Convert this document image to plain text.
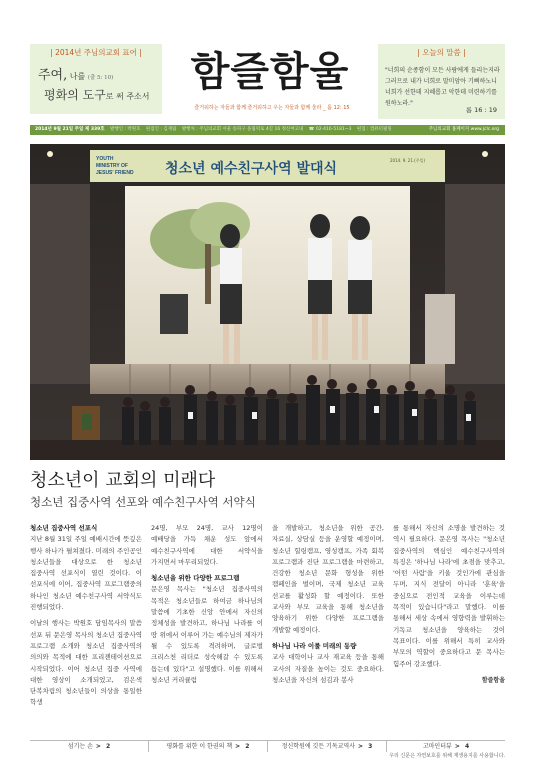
| 2014년 주님의교회 표어 |
주여, 나를 (출 5: 10)
평화의 도구로 써 주소서
함즐함울
즐거워하는 자들과 함께 즐거워하고 우는 자들과 함께 울라 _ 롬 12: 15
| 오늘의 말씀 |
"너희의 순종함이 모든 사람에게 들리는지라 그러므로 내가 너희로 말미암아 기뻐하노니 너희가 선한데 지혜롭고 악한데 미련하기를 원하노라."
롬 16 : 19
2014년 9월 21일 주일 제 339호 발행인 : 박원호 편집인 : 김재림 발행처 : 주님의교회 서울 송파구 올림픽로 4길 16 정신여고내 ☎ 02-416-5181~3 편집 : 컴퓨터필링	주님의교회 홈페이지 www.jclc.org
YOUTH
MINISTRY OF
JESUS' FRIEND 청소년 예수친구사역 발대식
2014. 9. 21.(주일)
청소년이 교회의 미래다
청소년 집중사역 선포와 예수친구사역 서약식
청소년 집중사역 선포식

지난 8월 31일 주일 예배시간에 뜻깊은 행사 하나가 펼쳐졌다. 미래의 주인공인 청소년들을 대상으로 한 청소년 집중사역 선포식이 열린 것이다. 이 선포식에 이어, 집중사역 프로그램중의 하나인 청소년 예수친구사역 서약식도 진행되었다.

이날의 행사는 박원호 담임목사의 말씀 선포 뒤 문은영 목사의 청소년 집중사역 프로그램 소개와 청소년 집중사역의 의의와 목적에 대한 프리젠테이션으로 시작되었다. 이어 청소년 집중 사역에 대한 영상이 소개되었고, 검은색 단복차림의 청소년들이 의상을 통일한 학생

24명, 부모 24명, 교사 12명이 예배당을 가득 채운 성도 앞에서 예수친구사역에 대한 서약식을 가지면서 마무리되었다.

청소년을 위한 다양한 프로그램

문은영 목사는 "청소년 집중사역의 목적은 청소년들로 하여금 하나님의 말씀에 기초한 신앙 안에서 자신의 정체성을 발견하고, 하나님 나라를 이 땅 위에서 이루어 가는 예수님의 제자가 될 수 있도록 격려하며, 글로벌 크리스천 리더로 성숙해갈 수 있도록 돕는데 있다"고 설명했다. 이를 위해서 청소년 커리큘럼

을 개발하고, 청소년을 위한 공간, 자료실, 상담실 등을 운영할 예정이며, 청소년 힐링캠프, 영성캠프, 가족 회복 프로그램과 진단 프로그램을 마련하고, 건강한 청소년 문화 형성을 위한 캠페인을 벌이며, 국제 청소년 교육 선교를 활성화 할 예정이다. 또한 교사와 부모 교육을 통해 청소년을 양육하기 위한 다양한 프로그램을 개발할 예정이다.

하나님 나라 이룰 미래의 동량

교사 대학이나 교사 재교육 등을 통해 교사의 자질을 높이는 것도 중요하다. 청소년을 자신의 섬김과 봉사

를 통해서 자신의 소명을 발견하는 것 역시 필요하다. 문은영 목사는 "청소년 집중사역의 핵심인 예수친구사역의 특징은 '하나님 나라'에 초점을 맞추고, '어떤 사람'을 키울 것인가에 관심을 두며, 지식 전달이 아니라 '훈육'을 중심으로 전인적 교육을 이루는데 목적이 있습니다"라고 말했다. 이를 통해서 세상 속에서 영향력을 발휘하는 기독교 청소년을 양육하는 것이 목표이다. 이를 위해서 특히 교사와 부모의 역할이 중요하다고 문 목사는 힘주어 강조했다.

함즐함울
섬기는 손 > 2	평화를 위한 이 한권의 책 > 2	정신학원에 깃든 기독교역사 > 3	고마인터뷰 > 4
우리 신문은 자연보호를 위해 재생용지를 사용합니다.
